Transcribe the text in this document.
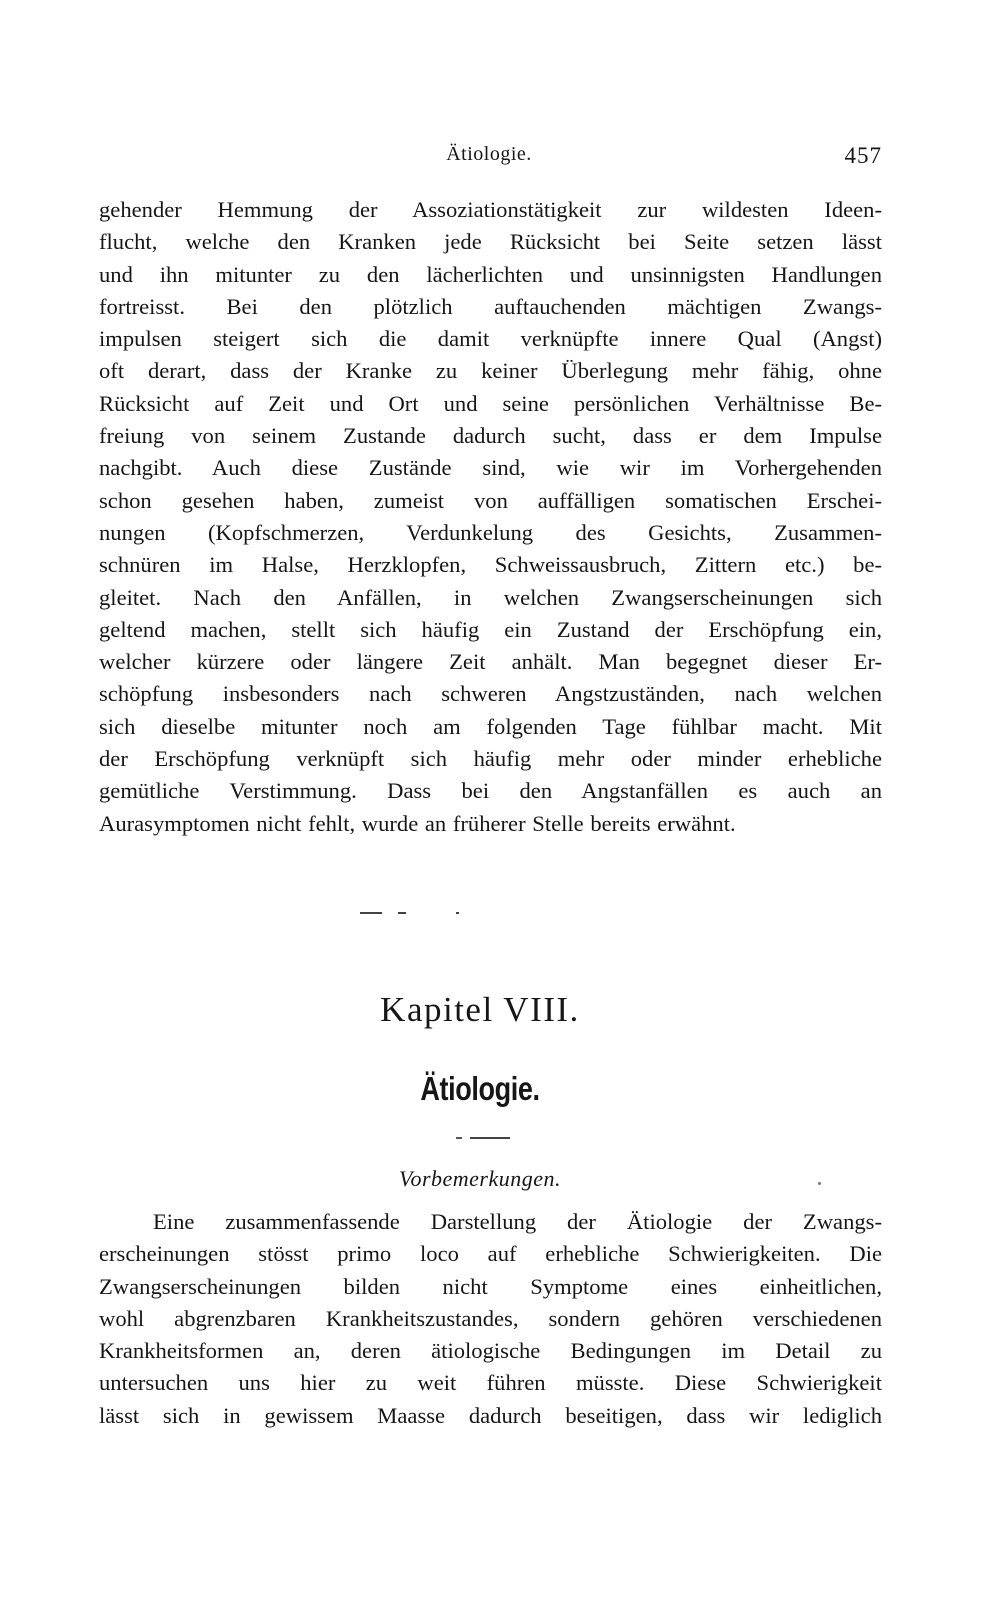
Ätiologie.	457
gehender Hemmung der Assoziationstätigkeit zur wildesten Ideen-
flucht, welche den Kranken jede Rücksicht bei Seite setzen lässt
und ihn mitunter zu den lächerlichten und unsinnigsten Handlungen
fortreisst. Bei den plötzlich auftauchenden mächtigen Zwangs-
impulsen steigert sich die damit verknüpfte innere Qual (Angst)
oft derart, dass der Kranke zu keiner Überlegung mehr fähig, ohne
Rücksicht auf Zeit und Ort und seine persönlichen Verhältnisse Be-
freiung von seinem Zustande dadurch sucht, dass er dem Impulse
nachgibt. Auch diese Zustände sind, wie wir im Vorhergehenden
schon gesehen haben, zumeist von auffälligen somatischen Erschei-
nungen (Kopfschmerzen, Verdunkelung des Gesichts, Zusammen-
schnüren im Halse, Herzklopfen, Schweissausbruch, Zittern etc.) be-
gleitet. Nach den Anfällen, in welchen Zwangserscheinungen sich
geltend machen, stellt sich häufig ein Zustand der Erschöpfung ein,
welcher kürzere oder längere Zeit anhält. Man begegnet dieser Er-
schöpfung insbesonders nach schweren Angstzuständen, nach welchen
sich dieselbe mitunter noch am folgenden Tage fühlbar macht. Mit
der Erschöpfung verknüpft sich häufig mehr oder minder erhebliche
gemütliche Verstimmung. Dass bei den Angstanfällen es auch an
Aurasymptomen nicht fehlt, wurde an früherer Stelle bereits erwähnt.
Kapitel VIII.
Ätiologie.
Vorbemerkungen.
Eine zusammenfassende Darstellung der Ätiologie der Zwangs-
erscheinungen stösst primo loco auf erhebliche Schwierigkeiten. Die
Zwangserscheinungen bilden nicht Symptome eines einheitlichen,
wohl abgrenzbaren Krankheitszustandes, sondern gehören verschiedenen
Krankheitsformen an, deren ätiologische Bedingungen im Detail zu
untersuchen uns hier zu weit führen müsste. Diese Schwierigkeit
lässt sich in gewissem Maasse dadurch beseitigen, dass wir lediglich
